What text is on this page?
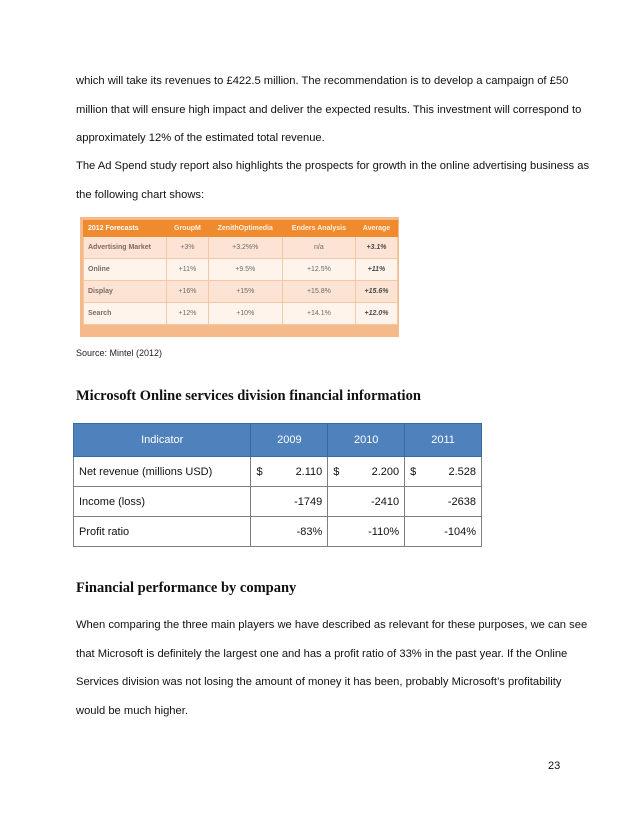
which will take its revenues to £422.5 million. The recommendation is to develop a campaign of £50
million that will ensure high impact and deliver the expected results. This investment will correspond to
approximately 12% of the estimated total revenue.
The Ad Spend study report also highlights the prospects for growth in the online advertising business as
the following chart shows:
2012 Forecasts	GroupM	ZenithOptimedia	Enders Analysis	Average
Advertising Market	+3%	+3.2%%	n/a	+3.1%
Online	+11%	+9.5%	+12.5%	+11%
Display	+16%	+15%	+15.8%	+15.6%
Search	+12%	+10%	+14.1%	+12.0%
Source: Mintel (2012)
Microsoft Online services division financial information
Indicator	2009	2010	2011
Net revenue (millions USD)	$ 2.110	$ 2.200	$ 2.528
Income (loss)	-1749	-2410	-2638
Profit ratio	-83%	-110%	-104%
Financial performance by company
When comparing the three main players we have described as relevant for these purposes, we can see
that Microsoft is definitely the largest one and has a profit ratio of 33% in the past year. If the Online
Services division was not losing the amount of money it has been, probably Microsoft’s profitability
would be much higher.
23
